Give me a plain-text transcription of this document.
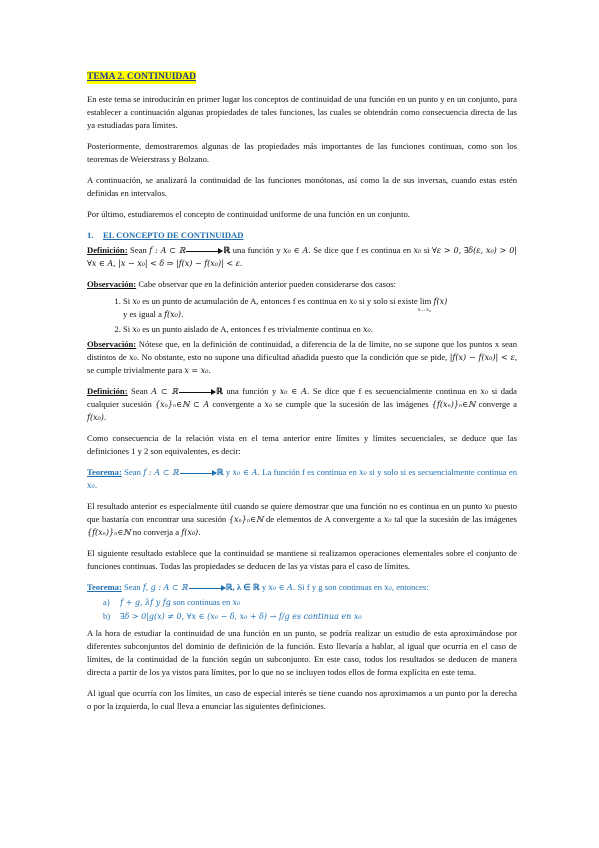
TEMA 2. CONTINUIDAD

En este tema se introducirán en primer lugar los conceptos de continuidad de una función en un punto y en un conjunto, para establecer a continuación algunas propiedades de tales funciones, las cuales se obtendrán como consecuencia directa de las ya estudiadas para límites.

Posteriormente, demostraremos algunas de las propiedades más importantes de las funciones continuas, como son los teoremas de Weierstrass y Bolzano.

A continuación, se analizará la continuidad de las funciones monótonas, así como la de sus inversas, cuando estas estén definidas en intervalos.

Por último, estudiaremos el concepto de continuidad uniforme de una función en un conjunto.

1. EL CONCEPTO DE CONTINUIDAD

Definición: Sean f : A ⊂ ℝ	ℝ una función y x₀ ∈ A. Se dice que f es continua en x₀ si ∀ε > 0, ∃δ(ε, x₀) > 0|∀x ∈ A, |x − x₀| < δ ⇒ |f(x) − f(x₀)| < ε.

Observación: Cabe observar que en la definición anterior pueden considerarse dos casos:

1. Si x₀ es un punto de acumulación de A, entonces f es continua en x₀ si y solo si existe lim
x→x₀
f(x)
y es igual a f(x₀).
2. Si x₀ es un punto aislado de A, entonces f es trivialmente continua en x₀.

Observación: Nótese que, en la definición de continuidad, a diferencia de la de límite, no se supone que los puntos x sean distintos de x₀. No obstante, esto no supone una dificultad añadida puesto que la condición que se pide, |f(x) − f(x₀)| < ε, se cumple trivialmente para x = x₀.

Definición: Sean A ⊂ ℝ	ℝ una función y x₀ ∈ A. Se dice que f es secuencialmente continua en x₀ si dada cualquier sucesión {xₙ}ₙ∈ℕ ⊂ A convergente a x₀ se cumple que la sucesión de las imágenes {f(xₙ)}ₙ∈ℕ converge a f(x₀).

Como consecuencia de la relación vista en el tema anterior entre límites y límites secuenciales, se deduce que las definiciones 1 y 2 son equivalentes, es decir:

Teorema: Sean f : A ⊂ ℝ	ℝ y x₀ ∈ A. La función f es continua en x₀ si y solo si es secuencialmente continua en x₀.

El resultado anterior es especialmente útil cuando se quiere demostrar que una función no es continua en un punto x₀ puesto que bastaría con encontrar una sucesión {xₙ}ₙ∈ℕ de elementos de A convergente a x₀ tal que la sucesión de las imágenes {f(xₙ)}ₙ∈ℕ no converja a f(x₀).

El siguiente resultado establece que la continuidad se mantiene si realizamos operaciones elementales sobre el conjunto de funciones continuas. Todas las propiedades se deducen de las ya vistas para el caso de límites.

Teorema: Sean f, g : A ⊂ ℝ	ℝ, λ ∈ ℝ y x₀ ∈ A. Si f y g son continuas en x₀, entonces:

a) f + g, λf y fg son continuas en x₀
b) ∃δ > 0|g(x) ≠ 0, ∀x ∈ (x₀ − δ, x₀ + δ) → f/g es continua en x₀

A la hora de estudiar la continuidad de una función en un punto, se podría realizar un estudio de esta aproximándose por diferentes subconjuntos del dominio de definición de la función. Esto llevaría a hablar, al igual que ocurría en el caso de límites, de la continuidad de la función según un subconjunto. En este caso, todos los resultados se deducen de manera directa a partir de los ya vistos para límites, por lo que no se incluyen todos ellos de forma explícita en este tema.

Al igual que ocurría con los límites, un caso de especial interés se tiene cuando nos aproximamos a un punto por la derecha o por la izquierda, lo cual lleva a enunciar las siguientes definiciones.
